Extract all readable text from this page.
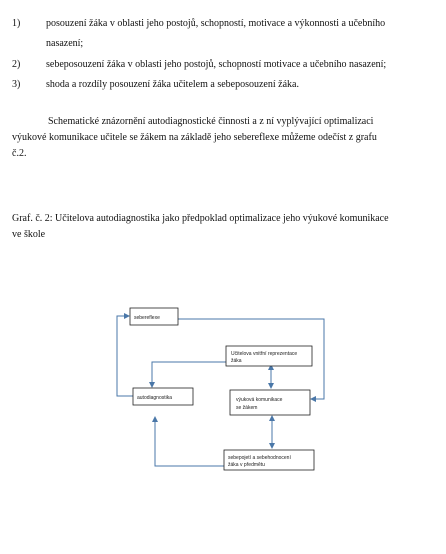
1)	posouzení žáka v oblasti jeho postojů, schopností, motivace a výkonnosti a učebního
nasazení;
2)	sebeposouzení žáka v oblasti jeho postojů, schopností motivace a učebního nasazení;
3)	shoda a rozdíly posouzení žáka učitelem a sebeposouzení žáka.

Schematické znázornění autodiagnostické činnosti a z ní vyplývající optimalizaci

výukové komunikace učitele se žákem na základě jeho sebereflexe můžeme odečíst z grafu

č.2.

Graf. č. 2: Učitelova autodiagnostika jako předpoklad optimalizace jeho výukové komunikace

ve škole

sebereflexe
Učitelova vnitřní reprezentace
žáka
autodiagnostika	výuková komunikace
se žákem
sebepojetí a sebehodnocení
žáka v předmětu
